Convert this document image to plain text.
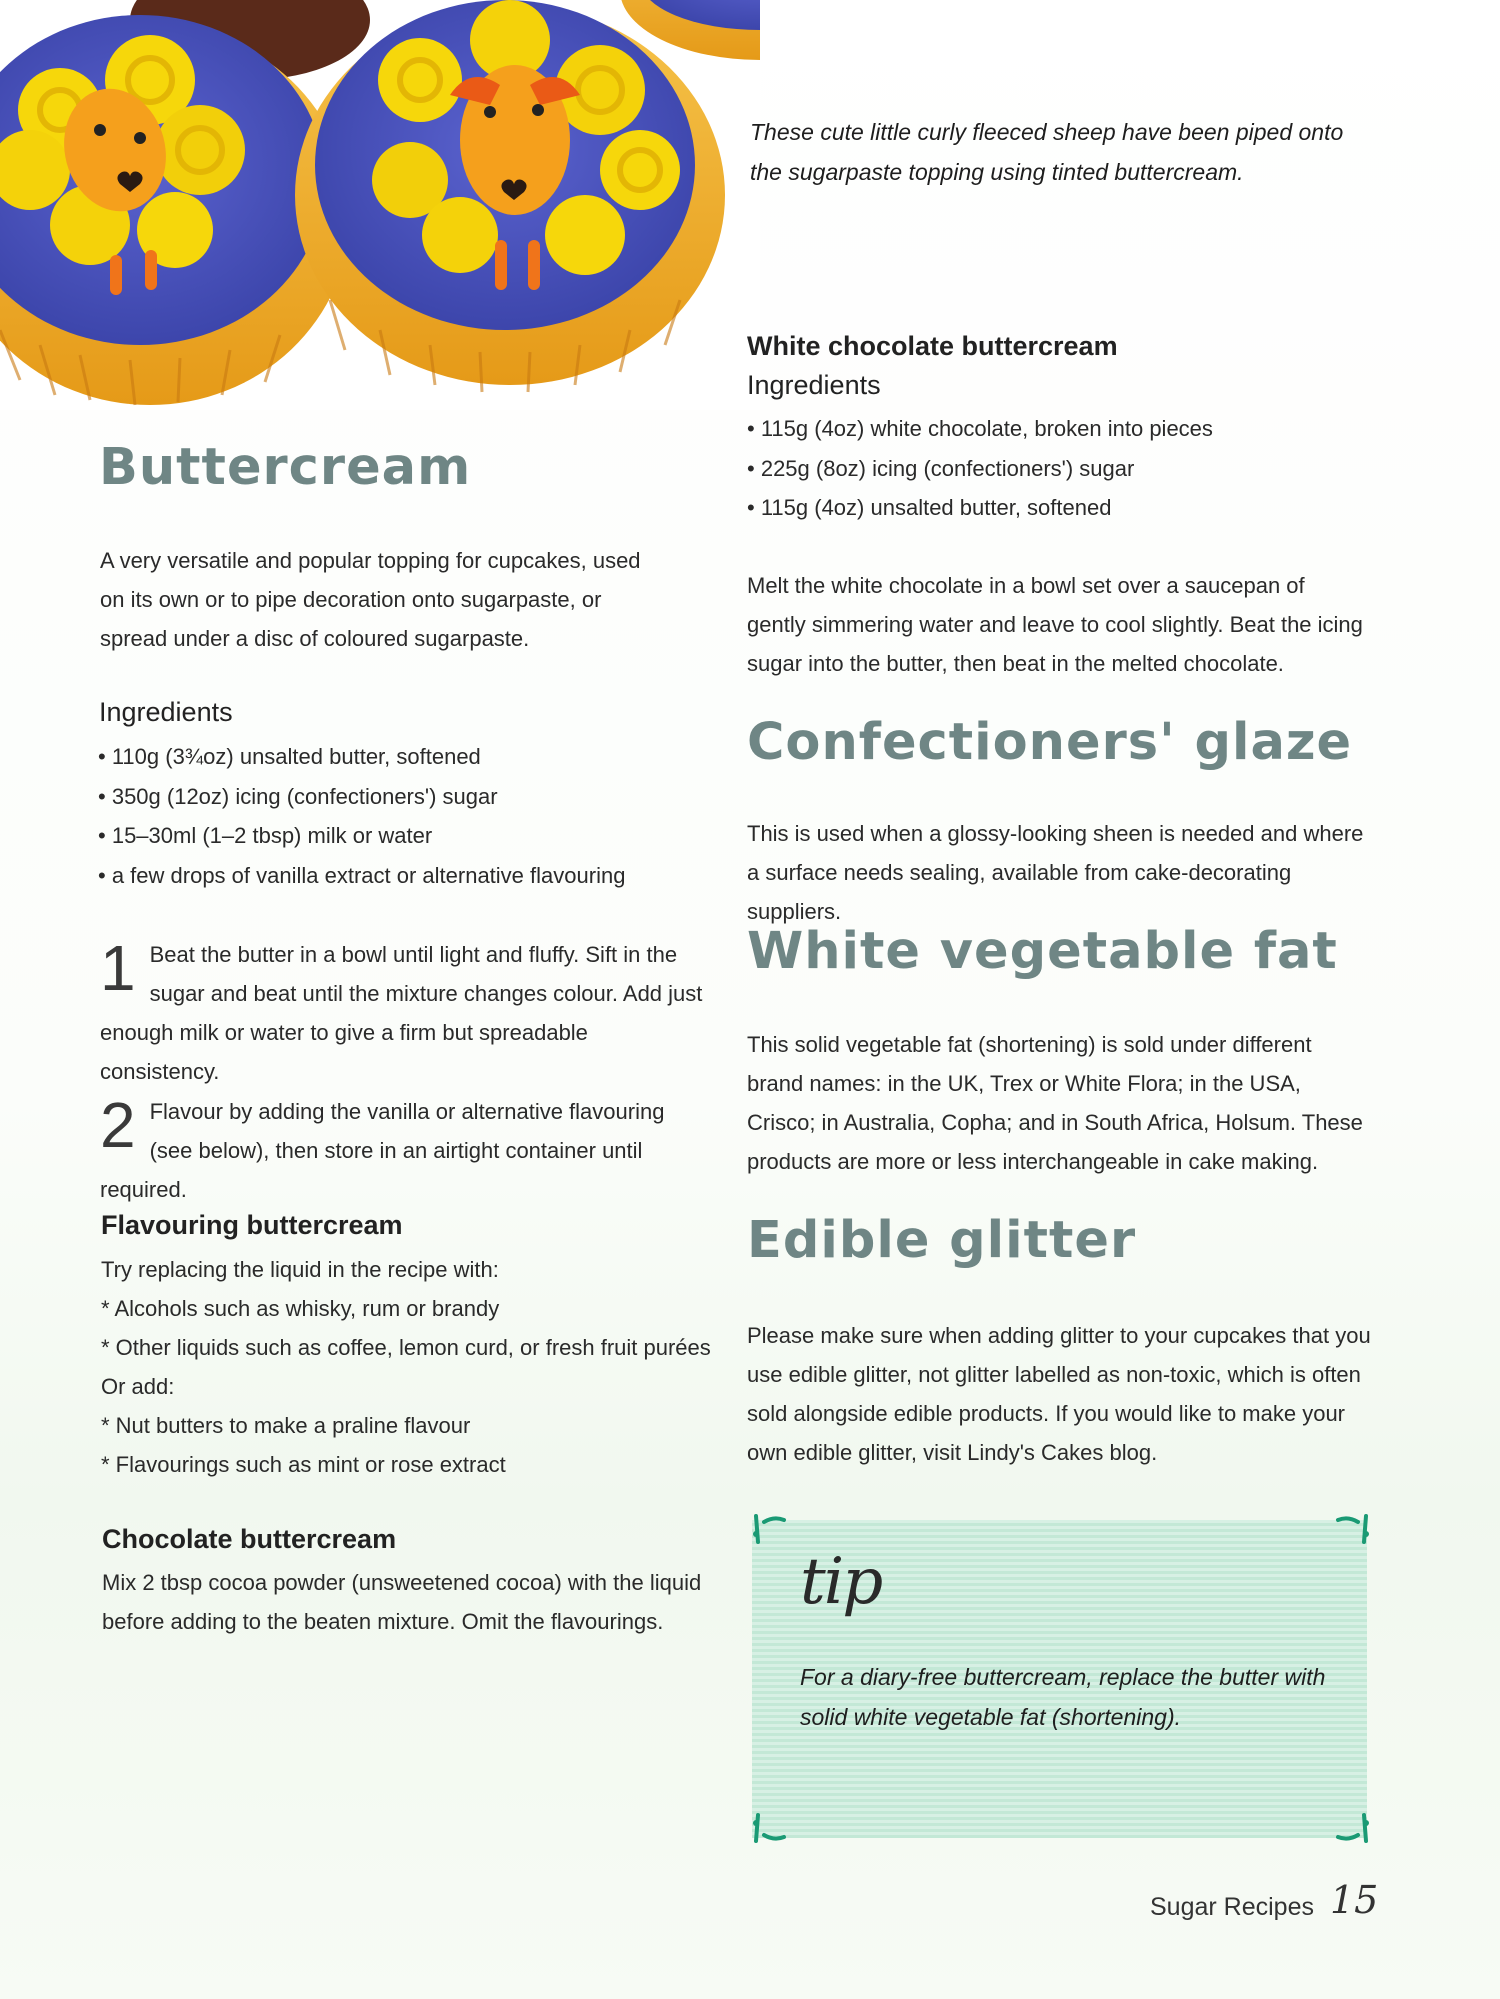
These cute little curly fleeced sheep have been piped onto the sugarpaste topping using tinted buttercream.
Buttercream
A very versatile and popular topping for cupcakes, used on its own or to pipe decoration onto sugarpaste, or spread under a disc of coloured sugarpaste.
Ingredients
• 110g (3¾oz) unsalted butter, softened
• 350g (12oz) icing (confectioners') sugar
• 15–30ml (1–2 tbsp) milk or water
• a few drops of vanilla extract or alternative flavouring
1 Beat the butter in a bowl until light and fluffy. Sift in the sugar and beat until the mixture changes colour. Add just enough milk or water to give a firm but spreadable consistency.

2 Flavour by adding the vanilla or alternative flavouring (see below), then store in an airtight container until required.

Flavouring buttercream
Try replacing the liquid in the recipe with:
* Alcohols such as whisky, rum or brandy
* Other liquids such as coffee, lemon curd, or fresh fruit purées
Or add:
* Nut butters to make a praline flavour
* Flavourings such as mint or rose extract
Chocolate buttercream
Mix 2 tbsp cocoa powder (unsweetened cocoa) with the liquid before adding to the beaten mixture. Omit the flavourings.
White chocolate buttercream
Ingredients
• 115g (4oz) white chocolate, broken into pieces
• 225g (8oz) icing (confectioners') sugar
• 115g (4oz) unsalted butter, softened
Melt the white chocolate in a bowl set over a saucepan of gently simmering water and leave to cool slightly. Beat the icing sugar into the butter, then beat in the melted chocolate.
Confectioners' glaze
This is used when a glossy-looking sheen is needed and where a surface needs sealing, available from cake-decorating suppliers.
White vegetable fat
This solid vegetable fat (shortening) is sold under different brand names: in the UK, Trex or White Flora; in the USA, Crisco; in Australia, Copha; and in South Africa, Holsum. These products are more or less interchangeable in cake making.
Edible glitter
Please make sure when adding glitter to your cupcakes that you use edible glitter, not glitter labelled as non-toxic, which is often sold alongside edible products. If you would like to make your own edible glitter, visit Lindy's Cakes blog.
tip
For a diary-free buttercream, replace the butter with solid white vegetable fat (shortening).
Sugar Recipes 15
